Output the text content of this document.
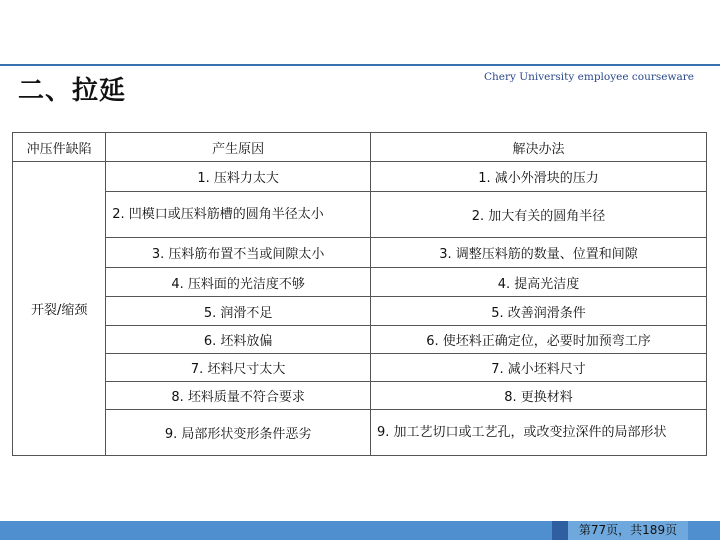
二、拉延	Chery University employee courseware
冲压件缺陷	产生原因	解决办法
开裂/缩颈	1. 压料力太大	1. 减小外滑块的压力
	2. 凹模口或压料筋槽的圆角半径太小	2. 加大有关的圆角半径
	3. 压料筋布置不当或间隙太小	3. 调整压料筋的数量、位置和间隙
	4. 压料面的光洁度不够	4. 提高光洁度
	5. 润滑不足	5. 改善润滑条件
	6. 坯料放偏	6. 使坯料正确定位，必要时加预弯工序
	7. 坯料尺寸太大	7. 减小坯料尺寸
	8. 坯料质量不符合要求	8. 更换材料
	9. 局部形状变形条件恶劣	9. 加工艺切口或工艺孔，或改变拉深件的局部形状
第77页，共189页
